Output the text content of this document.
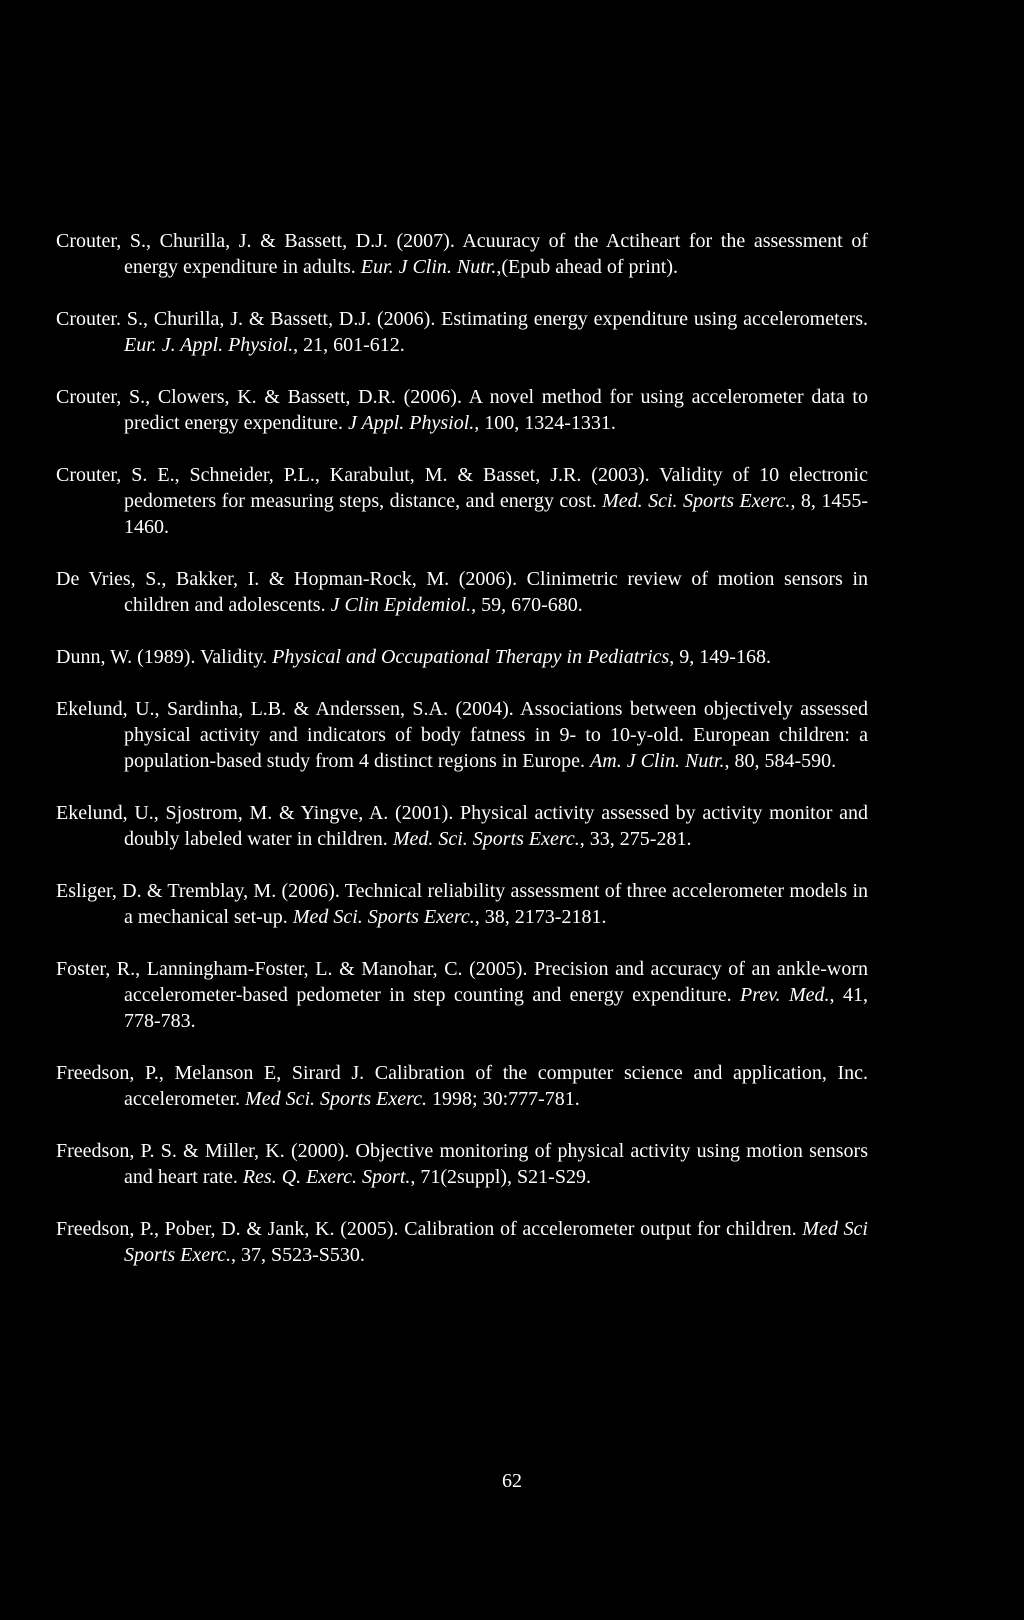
Crouter, S., Churilla, J. & Bassett, D.J. (2007). Acuuracy of the Actiheart for the assessment of energy expenditure in adults. Eur. J Clin. Nutr.,(Epub ahead of print).

Crouter. S., Churilla, J. & Bassett, D.J. (2006). Estimating energy expenditure using accelerometers. Eur. J. Appl. Physiol., 21, 601-612.

Crouter, S., Clowers, K. & Bassett, D.R. (2006). A novel method for using accelerometer data to predict energy expenditure. J Appl. Physiol., 100, 1324-1331.

Crouter, S. E., Schneider, P.L., Karabulut, M. & Basset, J.R. (2003). Validity of 10 electronic pedometers for measuring steps, distance, and energy cost. Med. Sci. Sports Exerc., 8, 1455-1460.

De Vries, S., Bakker, I. & Hopman-Rock, M. (2006). Clinimetric review of motion sensors in children and adolescents. J Clin Epidemiol., 59, 670-680.

Dunn, W. (1989). Validity. Physical and Occupational Therapy in Pediatrics, 9, 149-168.

Ekelund, U., Sardinha, L.B. & Anderssen, S.A. (2004). Associations between objectively assessed physical activity and indicators of body fatness in 9- to 10-y-old. European children: a population-based study from 4 distinct regions in Europe. Am. J Clin. Nutr., 80, 584-590.

Ekelund, U., Sjostrom, M. & Yingve, A. (2001). Physical activity assessed by activity monitor and doubly labeled water in children. Med. Sci. Sports Exerc., 33, 275-281.

Esliger, D. & Tremblay, M. (2006). Technical reliability assessment of three accelerometer models in a mechanical set-up. Med Sci. Sports Exerc., 38, 2173-2181.

Foster, R., Lanningham-Foster, L. & Manohar, C. (2005). Precision and accuracy of an ankle-worn accelerometer-based pedometer in step counting and energy expenditure. Prev. Med., 41, 778-783.

Freedson, P., Melanson E, Sirard J. Calibration of the computer science and application, Inc. accelerometer. Med Sci. Sports Exerc. 1998; 30:777-781.

Freedson, P. S. & Miller, K. (2000). Objective monitoring of physical activity using motion sensors and heart rate. Res. Q. Exerc. Sport., 71(2suppl), S21-S29.

Freedson, P., Pober, D. & Jank, K. (2005). Calibration of accelerometer output for children. Med Sci Sports Exerc., 37, S523-S530.

62
